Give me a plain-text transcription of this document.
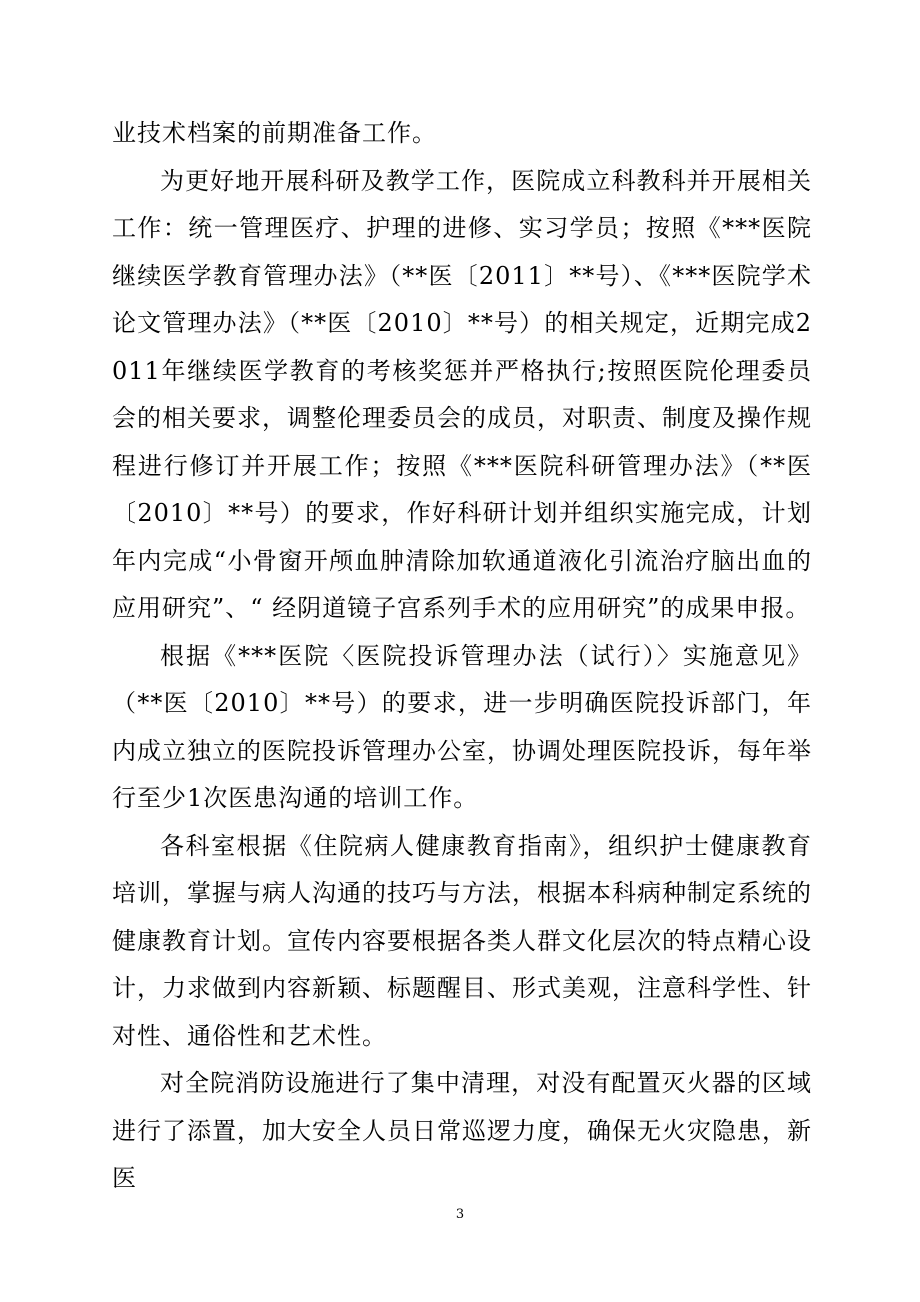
业技术档案的前期准备工作。

为更好地开展科研及教学工作，医院成立科教科并开展相关工作：统一管理医疗、护理的进修、实习学员；按照《***医院继续医学教育管理办法》（**医〔2011〕**号）、《***医院学术论文管理办法》（**医〔2010〕**号）的相关规定，近期完成2011年继续医学教育的考核奖惩并严格执行;按照医院伦理委员会的相关要求，调整伦理委员会的成员，对职责、制度及操作规程进行修订并开展工作；按照《***医院科研管理办法》（**医〔2010〕**号）的要求，作好科研计划并组织实施完成，计划年内完成“小骨窗开颅血肿清除加软通道液化引流治疗脑出血的应用研究”、“ 经阴道镜子宫系列手术的应用研究”的成果申报。

根据《***医院〈医院投诉管理办法（试行）〉实施意见》（**医〔2010〕**号）的要求，进一步明确医院投诉部门，年内成立独立的医院投诉管理办公室，协调处理医院投诉，每年举行至少1次医患沟通的培训工作。

各科室根据《住院病人健康教育指南》，组织护士健康教育培训，掌握与病人沟通的技巧与方法，根据本科病种制定系统的健康教育计划。宣传内容要根据各类人群文化层次的特点精心设计，力求做到内容新颖、标题醒目、形式美观，注意科学性、针对性、通俗性和艺术性。

对全院消防设施进行了集中清理，对没有配置灭火器的区域进行了添置，加大安全人员日常巡逻力度，确保无火灾隐患，新医

3
